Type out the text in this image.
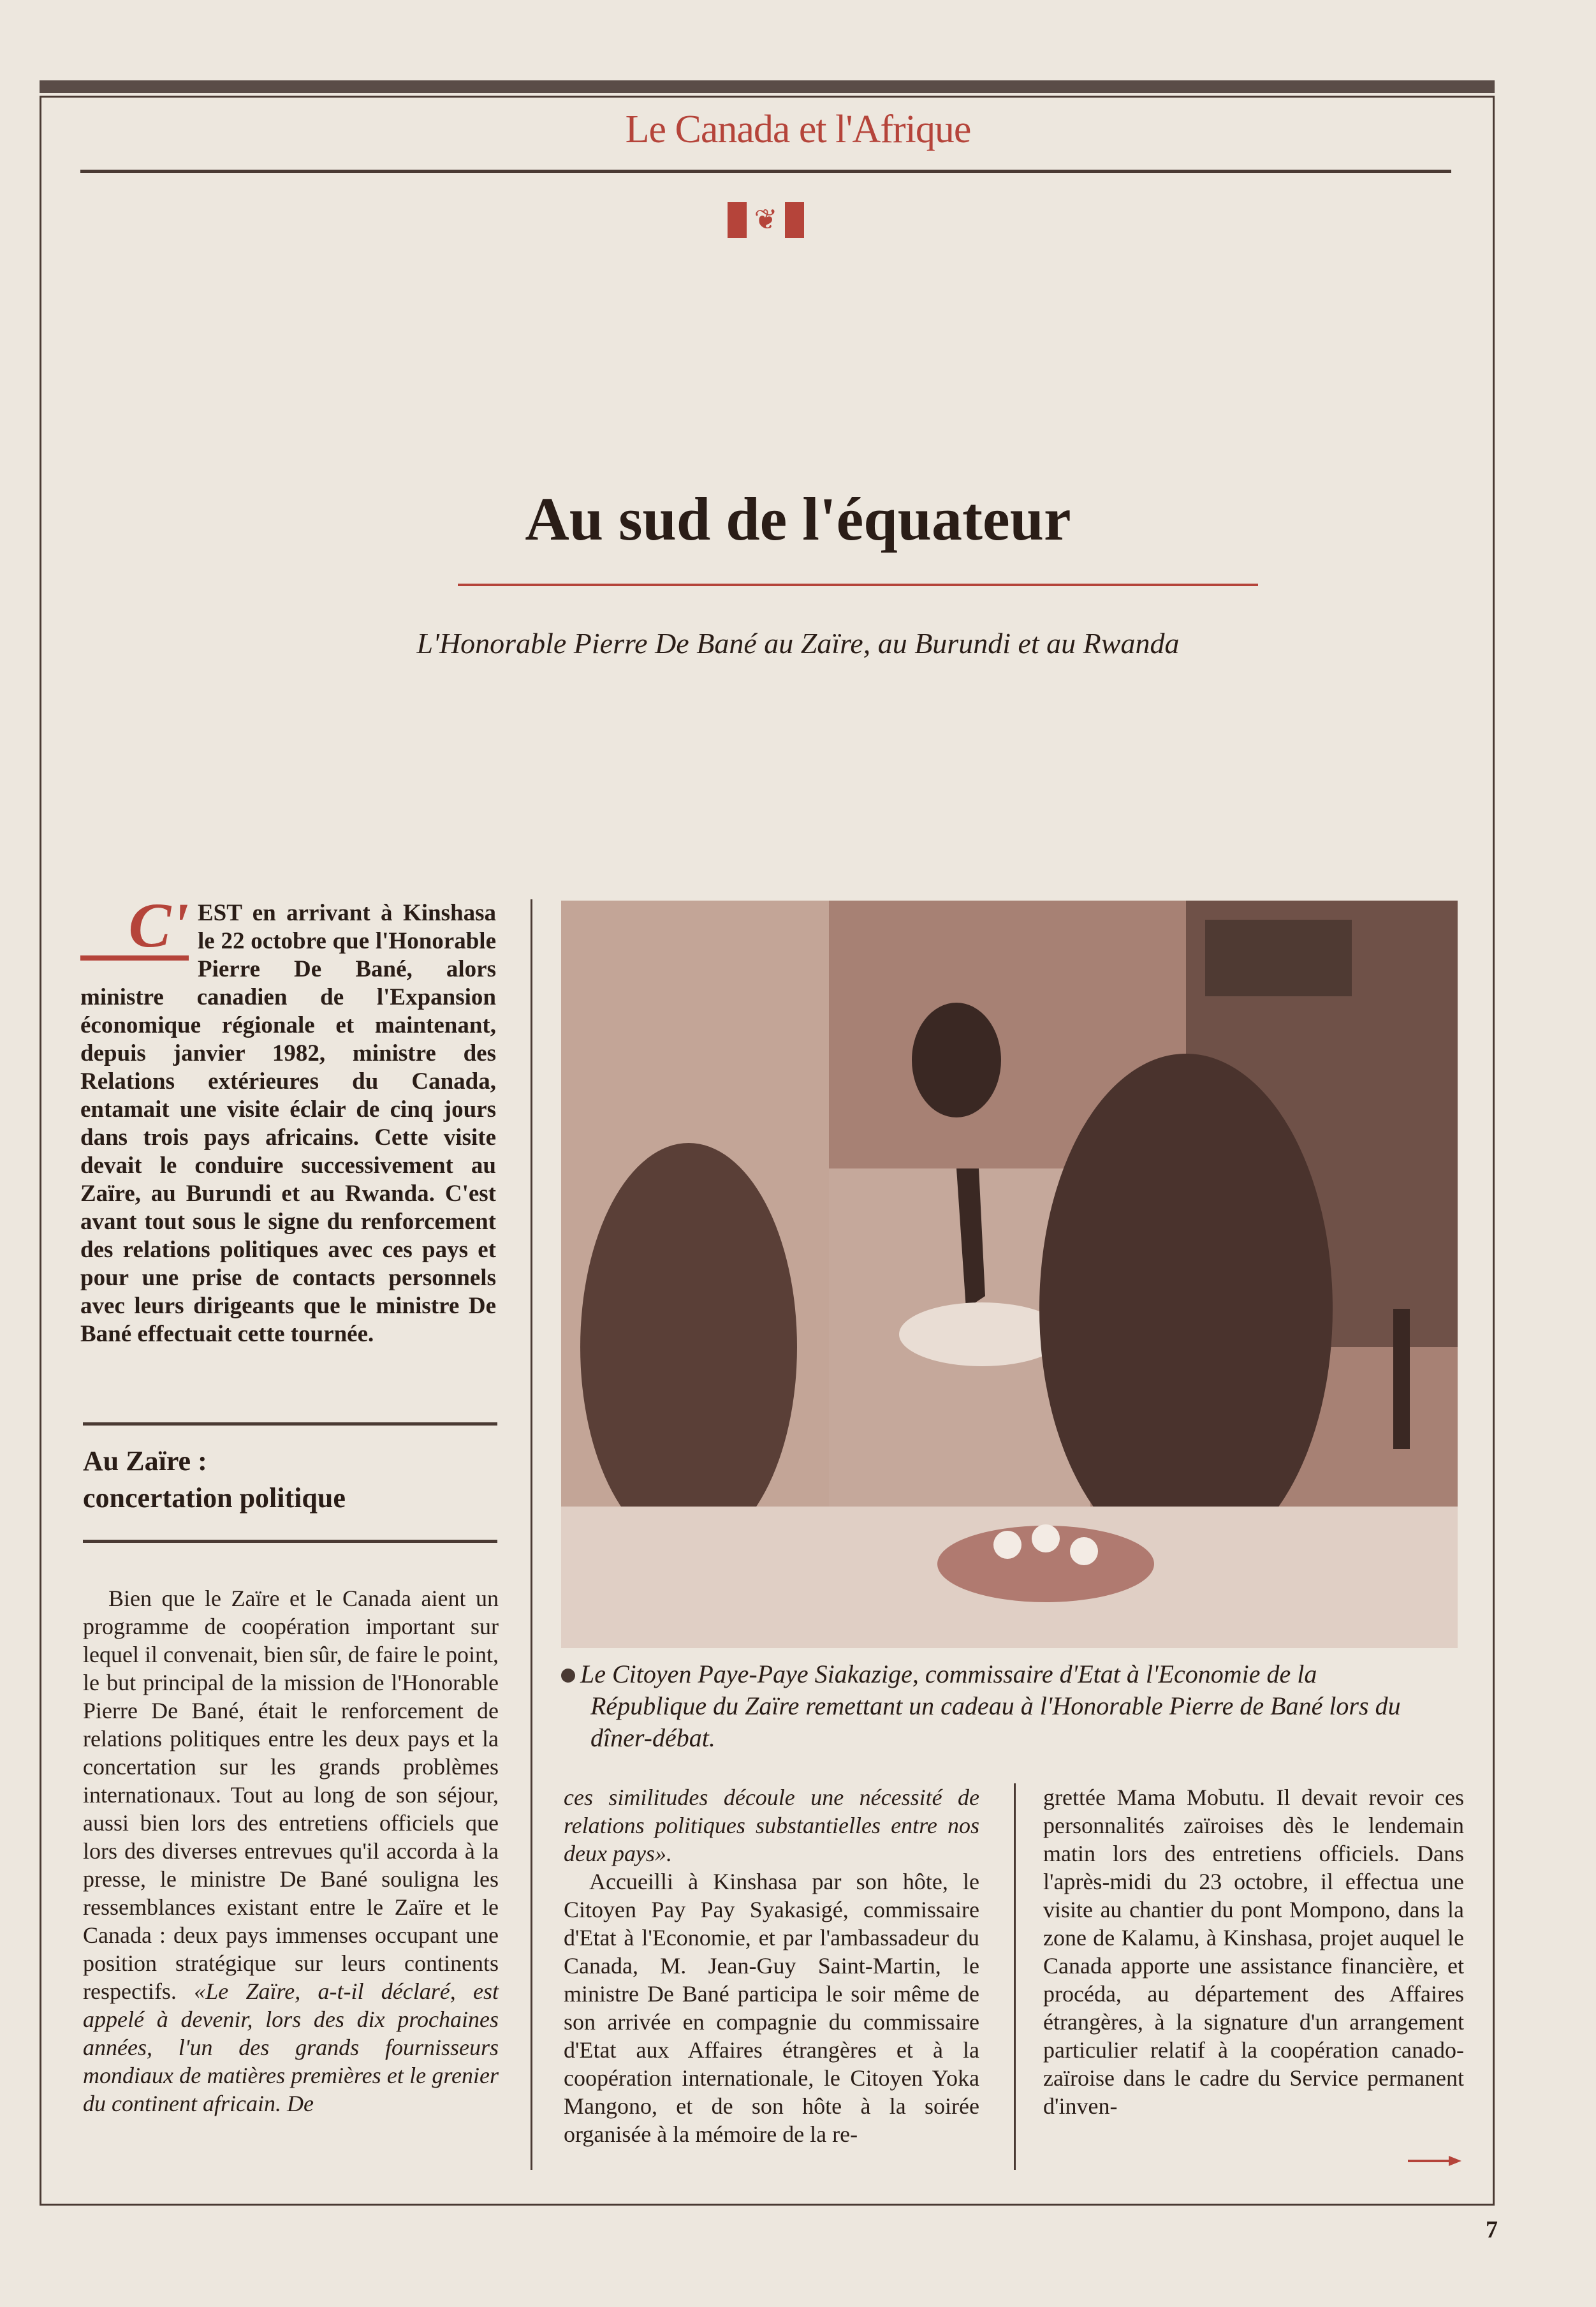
Le Canada et l'Afrique
❦
Au sud de l'équateur
L'Honorable Pierre De Bané au Zaïre, au Burundi et au Rwanda
C' EST en arrivant à Kinshasa le 22 octobre que l'Honorable Pierre De Bané, alors ministre canadien de l'Expansion économique régionale et maintenant, depuis janvier 1982, ministre des Relations extérieures du Canada, entamait une visite éclair de cinq jours dans trois pays africains. Cette visite devait le conduire successivement au Zaïre, au Burundi et au Rwanda. C'est avant tout sous le signe du renforcement des relations politiques avec ces pays et pour une prise de contacts personnels avec leurs dirigeants que le ministre De Bané effectuait cette tournée.
Au Zaïre :
concertation politique
Bien que le Zaïre et le Canada aient un programme de coopération important sur lequel il convenait, bien sûr, de faire le point, le but principal de la mission de l'Honorable Pierre De Bané, était le renforcement de relations politiques entre les deux pays et la concertation sur les grands problèmes internationaux. Tout au long de son séjour, aussi bien lors des entretiens officiels que lors des diverses entrevues qu'il accorda à la presse, le ministre De Bané souligna les ressemblances existant entre le Zaïre et le Canada : deux pays immenses occupant une position stratégique sur leurs continents respectifs. «Le Zaïre, a-t-il déclaré, est appelé à devenir, lors des dix prochaines années, l'un des grands fournisseurs mondiaux de matières premières et le grenier du continent africain. De
Le Citoyen Paye-Paye Siakazige, commissaire d'Etat à l'Economie de la
République du Zaïre remettant un cadeau à l'Honorable Pierre de Bané lors du dîner-débat.
ces similitudes découle une nécessité de relations politiques substantielles entre nos deux pays».
Accueilli à Kinshasa par son hôte, le Citoyen Pay Pay Syakasigé, commissaire d'Etat à l'Economie, et par l'ambassadeur du Canada, M. Jean-Guy Saint-Martin, le ministre De Bané participa le soir même de son arrivée en compagnie du commissaire d'Etat aux Affaires étrangères et à la coopération internationale, le Citoyen Yoka Mangono, et de son hôte à la soirée organisée à la mémoire de la re-
grettée Mama Mobutu. Il devait revoir ces personnalités zaïroises dès le lendemain matin lors des entretiens officiels. Dans l'après-midi du 23 octobre, il effectua une visite au chantier du pont Mompono, dans la zone de Kalamu, à Kinshasa, projet auquel le Canada apporte une assistance financière, et procéda, au département des Affaires étrangères, à la signature d'un arrangement particulier relatif à la coopération canado-zaïroise dans le cadre du Service permanent d'inven-
7
